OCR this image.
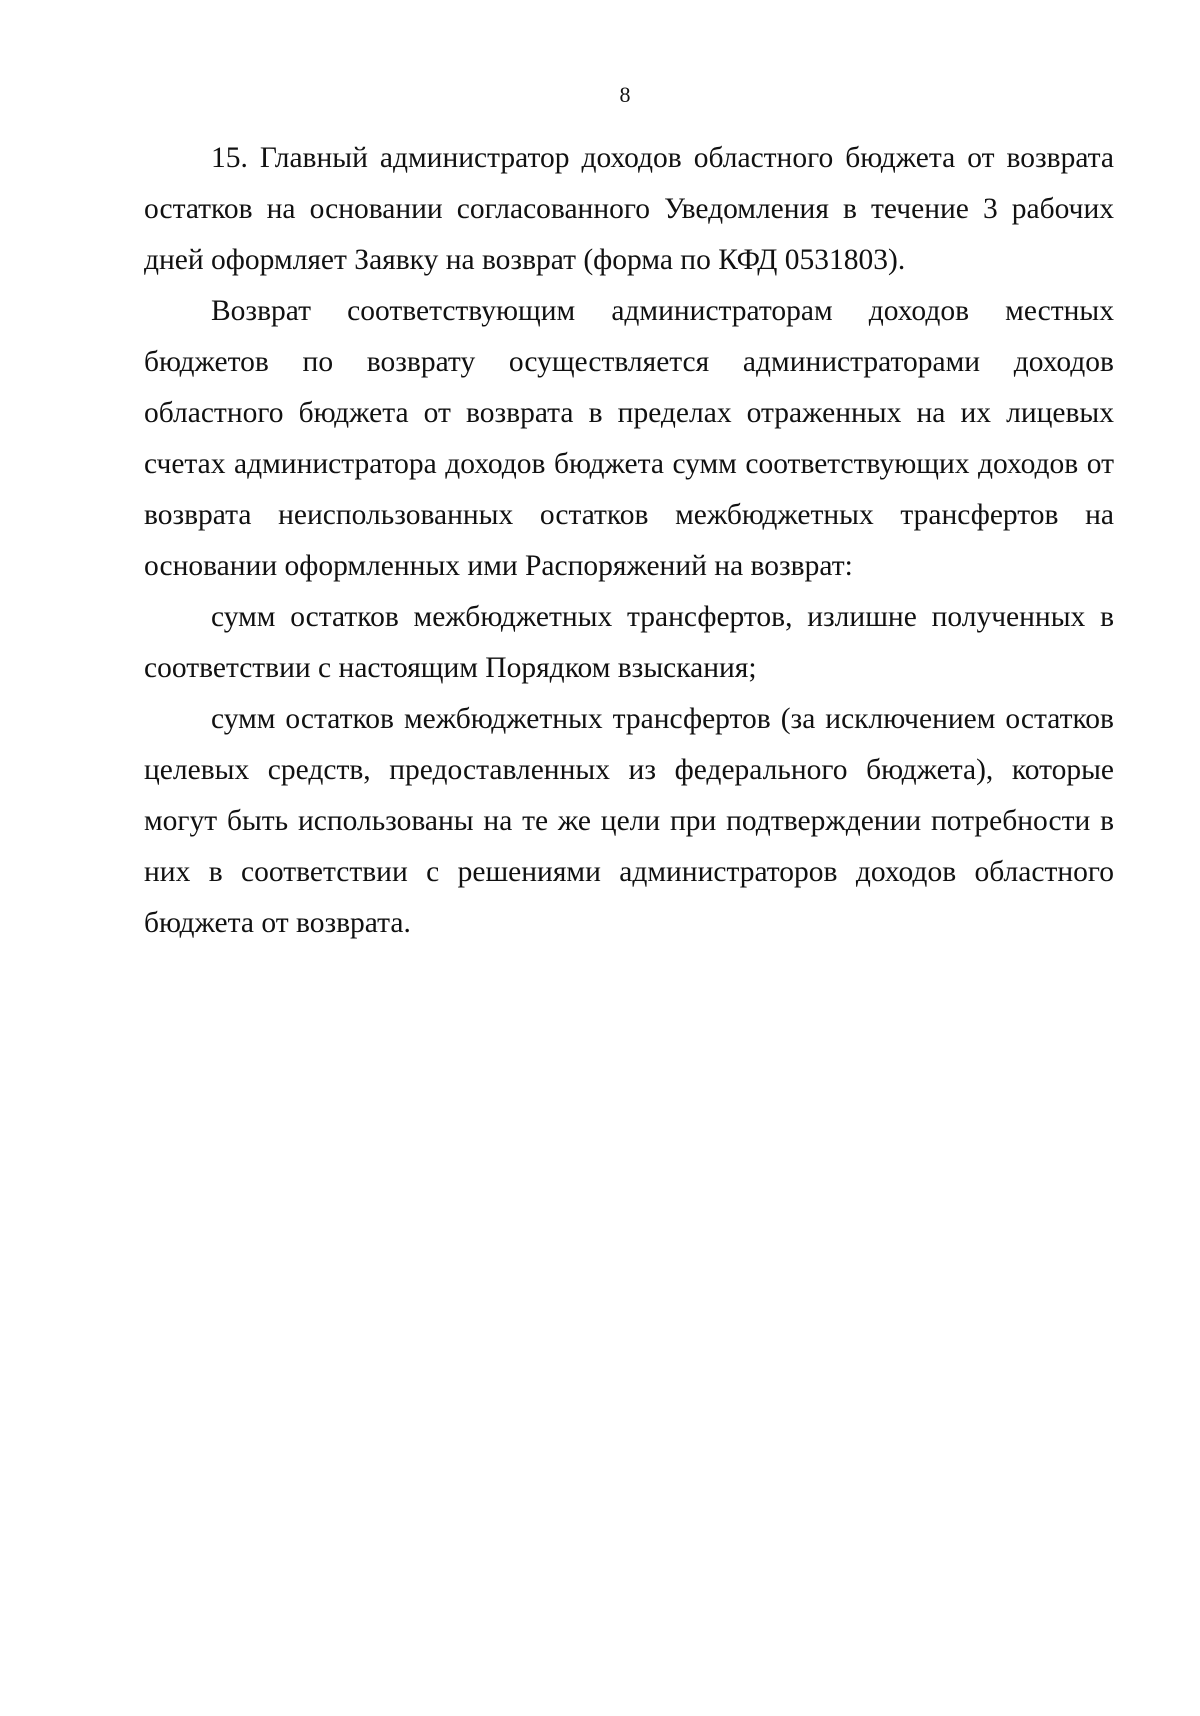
8

15. Главный администратор доходов областного бюджета от возврата остатков на основании согласованного Уведомления в течение 3 рабочих дней оформляет Заявку на возврат (форма по КФД 0531803).

Возврат соответствующим администраторам доходов местных бюджетов по возврату осуществляется администраторами доходов областного бюджета от возврата в пределах отраженных на их лицевых счетах администратора доходов бюджета сумм соответствующих доходов от возврата неиспользованных остатков межбюджетных трансфертов на основании оформленных ими Распоряжений на возврат:

сумм остатков межбюджетных трансфертов, излишне полученных в соответствии с настоящим Порядком взыскания;

сумм остатков межбюджетных трансфертов (за исключением остатков целевых средств, предоставленных из федерального бюджета), которые могут быть использованы на те же цели при подтверждении потребности в них в соответствии с решениями администраторов доходов областного бюджета от возврата.
